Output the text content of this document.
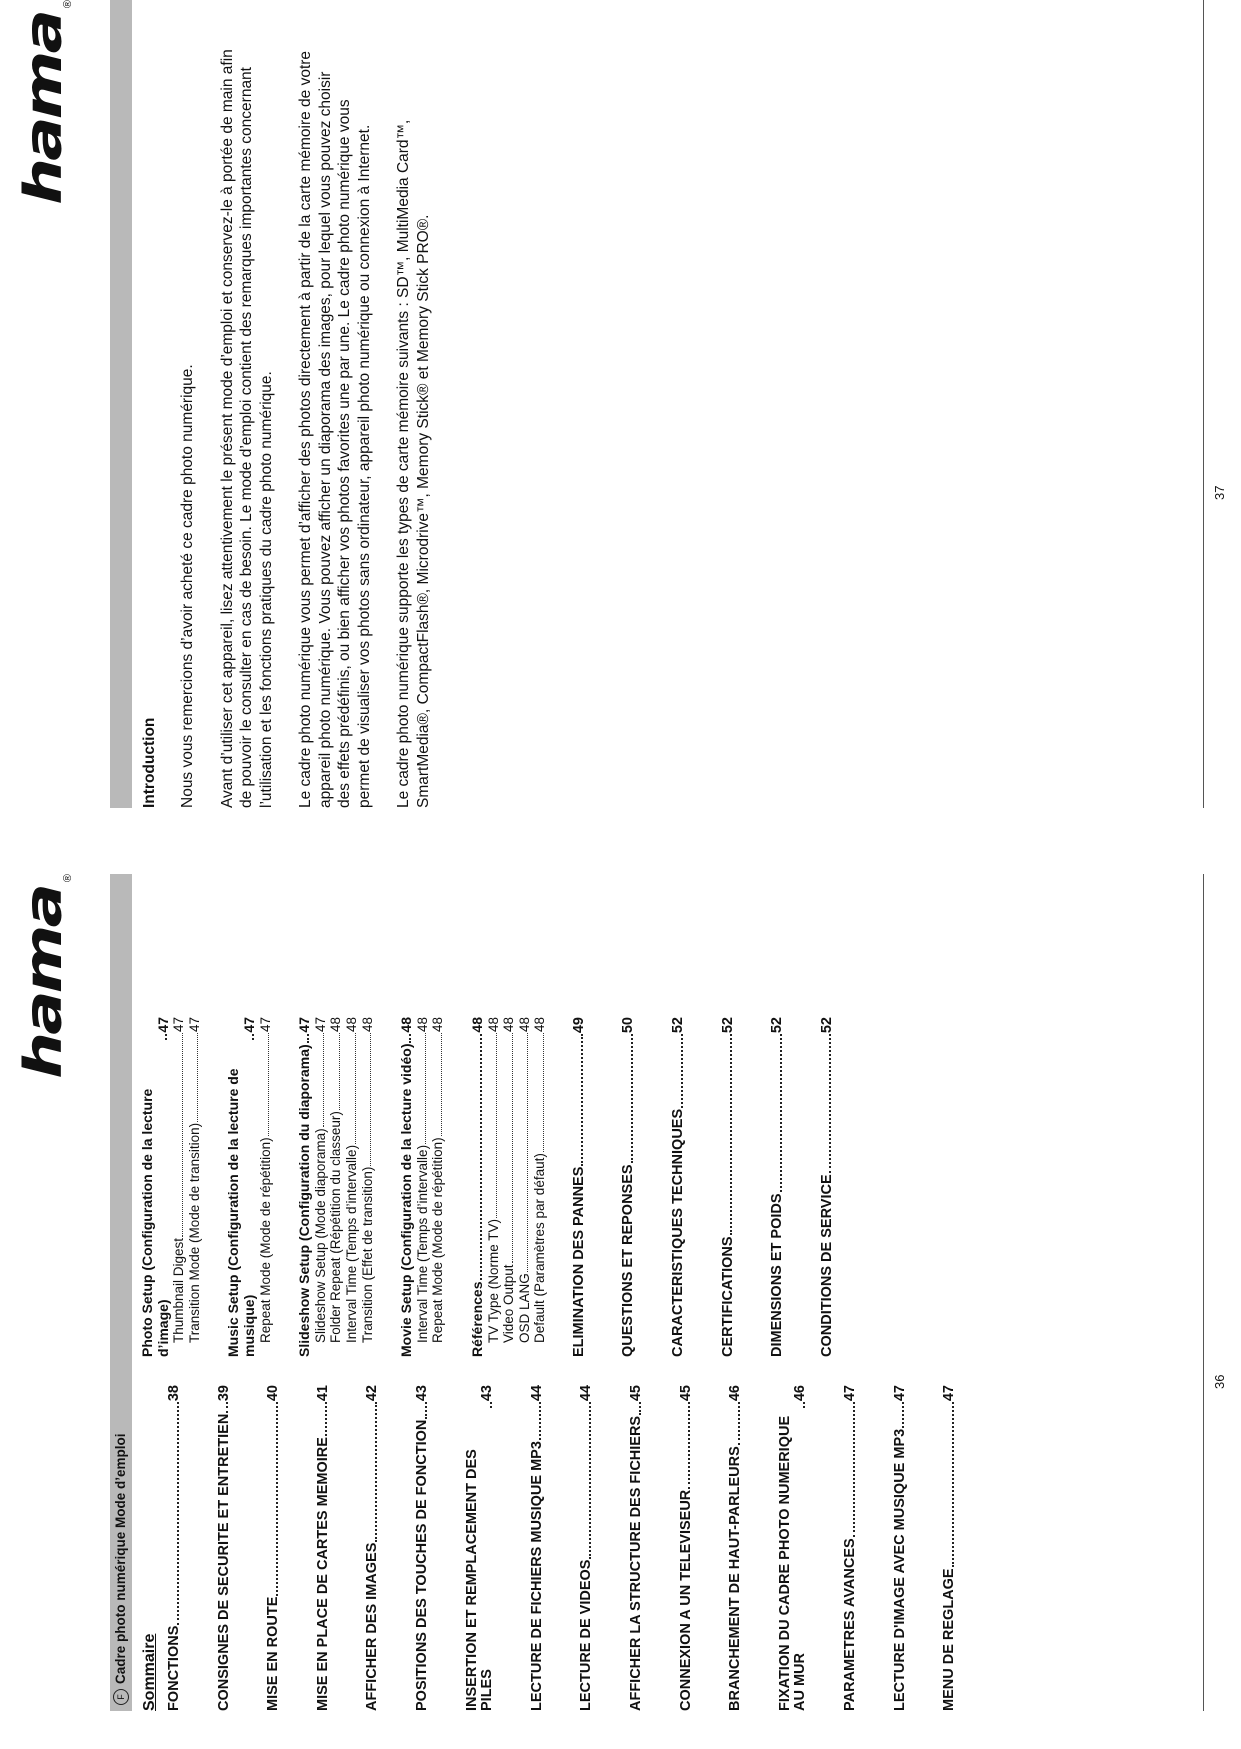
hama
®
FCadre photo numérique Mode d’emploi Sommaire FONCTIONS
38
CONSIGNES DE SECURITE ET ENTRETIEN
39
MISE EN ROUTE
40
MISE EN PLACE DE CARTES MEMOIRE
41
AFFICHER DES IMAGES
42
POSITIONS DES TOUCHES DE FONCTION
43
INSERTION ET REMPLACEMENT DES PILES
43
LECTURE DE FICHIERS MUSIQUE MP3
44
LECTURE DE VIDEOS
44
AFFICHER LA STRUCTURE DES FICHIERS
45
CONNEXION A UN TELEVISEUR
45
BRANCHEMENT DE HAUT-PARLEURS
46
FIXATION DU CADRE PHOTO NUMERIQUE AU MUR
46
PARAMETRES AVANCES
47
LECTURE D'IMAGE AVEC MUSIQUE MP3
47
MENU DE REGLAGE
47
Photo Setup (Configuration de la lecture d’image)
47
Thumbnail Digest
47
Transition Mode (Mode de transition)
47
Music Setup (Configuration de la lecture de musique)
47
Repeat Mode (Mode de répétition)
47
Slideshow Setup (Configuration du diaporama)
47
Slideshow Setup (Mode diaporama)
47
Folder Repeat (Répétition du classeur)
48
Interval Time (Temps d’intervalle)
48
Transition (Effet de transition)
48
Movie Setup (Configuration de la lecture vidéo)
48
Interval Time (Temps d’intervalle)
48
Repeat Mode (Mode de répétition)
48
Références
48
TV Type (Norme TV)
48
Video Output
48
OSD LANG
48
Default (Paramètres par défaut)
48
ELIMINATION DES PANNES
49
QUESTIONS ET REPONSES
50
CARACTERISTIQUES TECHNIQUES
52
CERTIFICATIONS
52
DIMENSIONS ET POIDS
52
CONDITIONS DE SERVICE
52
36
hama
®
Introduction Nous vous remercions d’avoir acheté ce cadre photo numérique. Avant d’utiliser cet appareil, lisez attentivement le présent mode d’emploi et conservez-le à portée de main afin de pouvoir le consulter en cas de besoin. Le mode d’emploi contient des remarques importantes concernant l’utilisation et les fonctions pratiques du cadre photo numérique. Le cadre photo numérique vous permet d’afficher des photos directement à partir de la carte mémoire de votre appareil photo numérique. Vous pouvez afficher un diaporama des images, pour lequel vous pouvez choisir des effets prédéfinis, ou bien afficher vos photos favorites une par une. Le cadre photo numérique vous permet de visualiser vos photos sans ordinateur, appareil photo numérique ou connexion à Internet. Le cadre photo numérique supporte les types de carte mémoire suivants : SD™, MultiMedia Card™, SmartMedia®, CompactFlash®, Microdrive™, Memory Stick® et Memory Stick PRO®.	37
